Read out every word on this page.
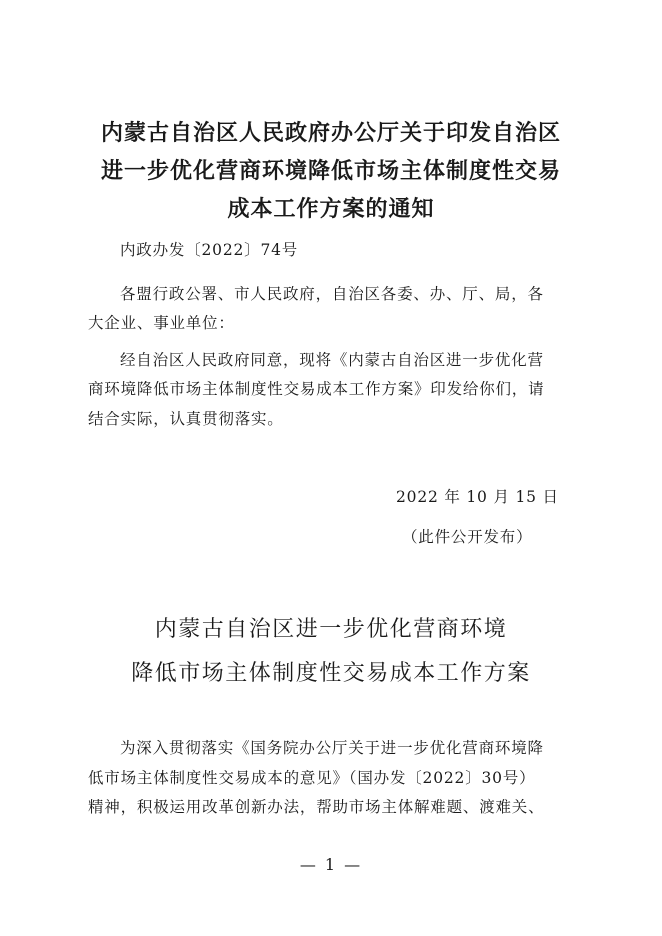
内蒙古自治区人民政府办公厅关于印发自治区
进一步优化营商环境降低市场主体制度性交易
成本工作方案的通知
内政办发〔2022〕74号
各盟行政公署、市人民政府，自治区各委、办、厅、局，各
大企业、事业单位：
经自治区人民政府同意，现将《内蒙古自治区进一步优化营
商环境降低市场主体制度性交易成本工作方案》印发给你们，请
结合实际，认真贯彻落实。
2022 年 10 月 15 日
（此件公开发布）
内蒙古自治区进一步优化营商环境
降低市场主体制度性交易成本工作方案
为深入贯彻落实《国务院办公厅关于进一步优化营商环境降
低市场主体制度性交易成本的意见》（国办发〔2022〕30号）
精神，积极运用改革创新办法，帮助市场主体解难题、渡难关、
— 1 —
